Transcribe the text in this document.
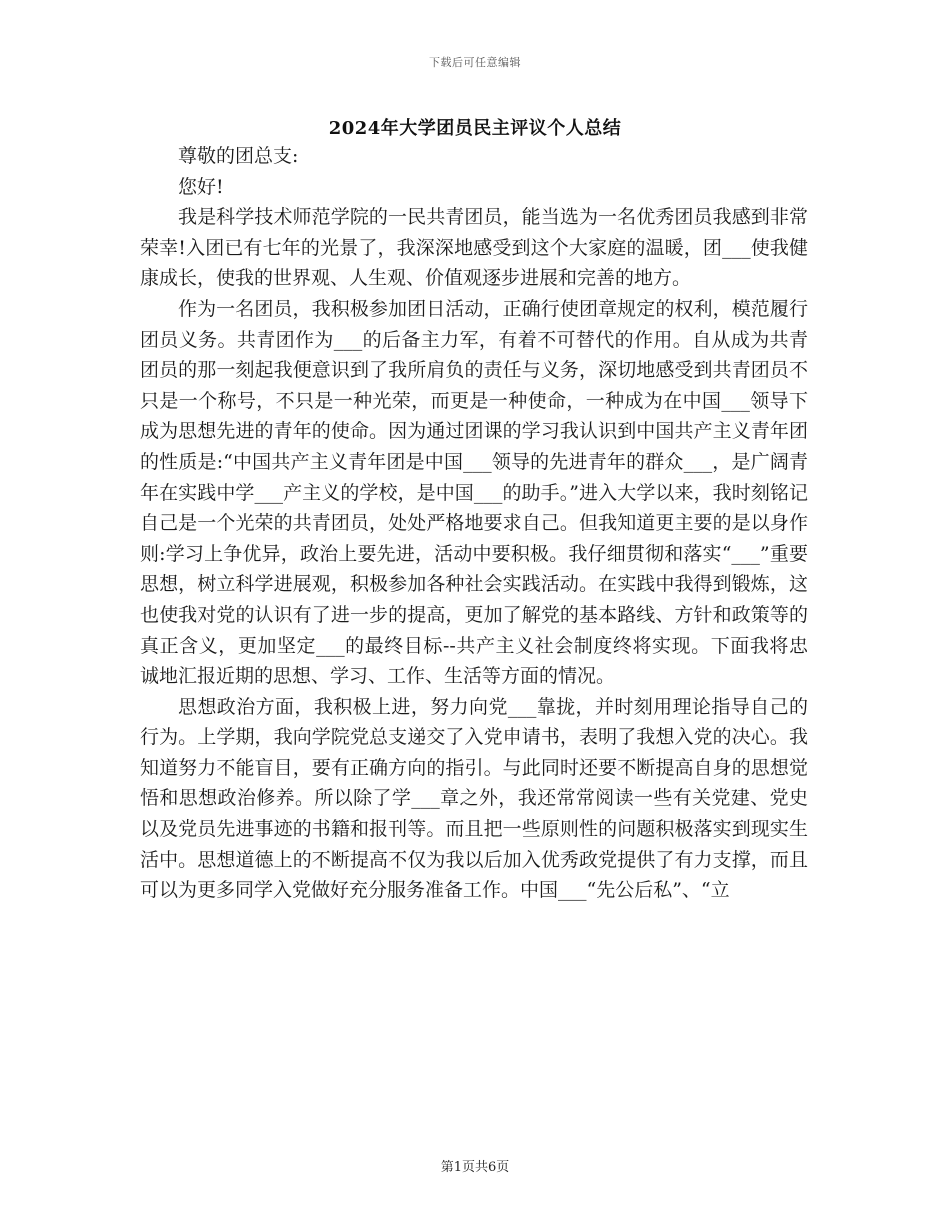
下载后可任意编辑
2024年大学团员民主评议个人总结

尊敬的团总支:

您好!

我是科学技术师范学院的一民共青团员，能当选为一名优秀团员我感到非常荣幸!入团已有七年的光景了，我深深地感受到这个大家庭的温暖，团___使我健康成长，使我的世界观、人生观、价值观逐步进展和完善的地方。

作为一名团员，我积极参加团日活动，正确行使团章规定的权利，模范履行团员义务。共青团作为___的后备主力军，有着不可替代的作用。自从成为共青团员的那一刻起我便意识到了我所肩负的责任与义务，深切地感受到共青团员不只是一个称号，不只是一种光荣，而更是一种使命，一种成为在中国___领导下成为思想先进的青年的使命。因为通过团课的学习我认识到中国共产主义青年团的性质是:“中国共产主义青年团是中国___领导的先进青年的群众___，是广阔青年在实践中学___产主义的学校，是中国___的助手。”进入大学以来，我时刻铭记自己是一个光荣的共青团员，处处严格地要求自己。但我知道更主要的是以身作则:学习上争优异，政治上要先进，活动中要积极。我仔细贯彻和落实“___”重要思想，树立科学进展观，积极参加各种社会实践活动。在实践中我得到锻炼，这也使我对党的认识有了进一步的提高，更加了解党的基本路线、方针和政策等的真正含义，更加坚定___的最终目标--共产主义社会制度终将实现。下面我将忠诚地汇报近期的思想、学习、工作、生活等方面的情况。

思想政治方面，我积极上进，努力向党___靠拢，并时刻用理论指导自己的行为。上学期，我向学院党总支递交了入党申请书，表明了我想入党的决心。我知道努力不能盲目，要有正确方向的指引。与此同时还要不断提高自身的思想觉悟和思想政治修养。所以除了学___章之外，我还常常阅读一些有关党建、党史以及党员先进事迹的书籍和报刊等。而且把一些原则性的问题积极落实到现实生活中。思想道德上的不断提高不仅为我以后加入优秀政党提供了有力支撑，而且可以为更多同学入党做好充分服务准备工作。中国___“先公后私”、“立

第1页共6页
